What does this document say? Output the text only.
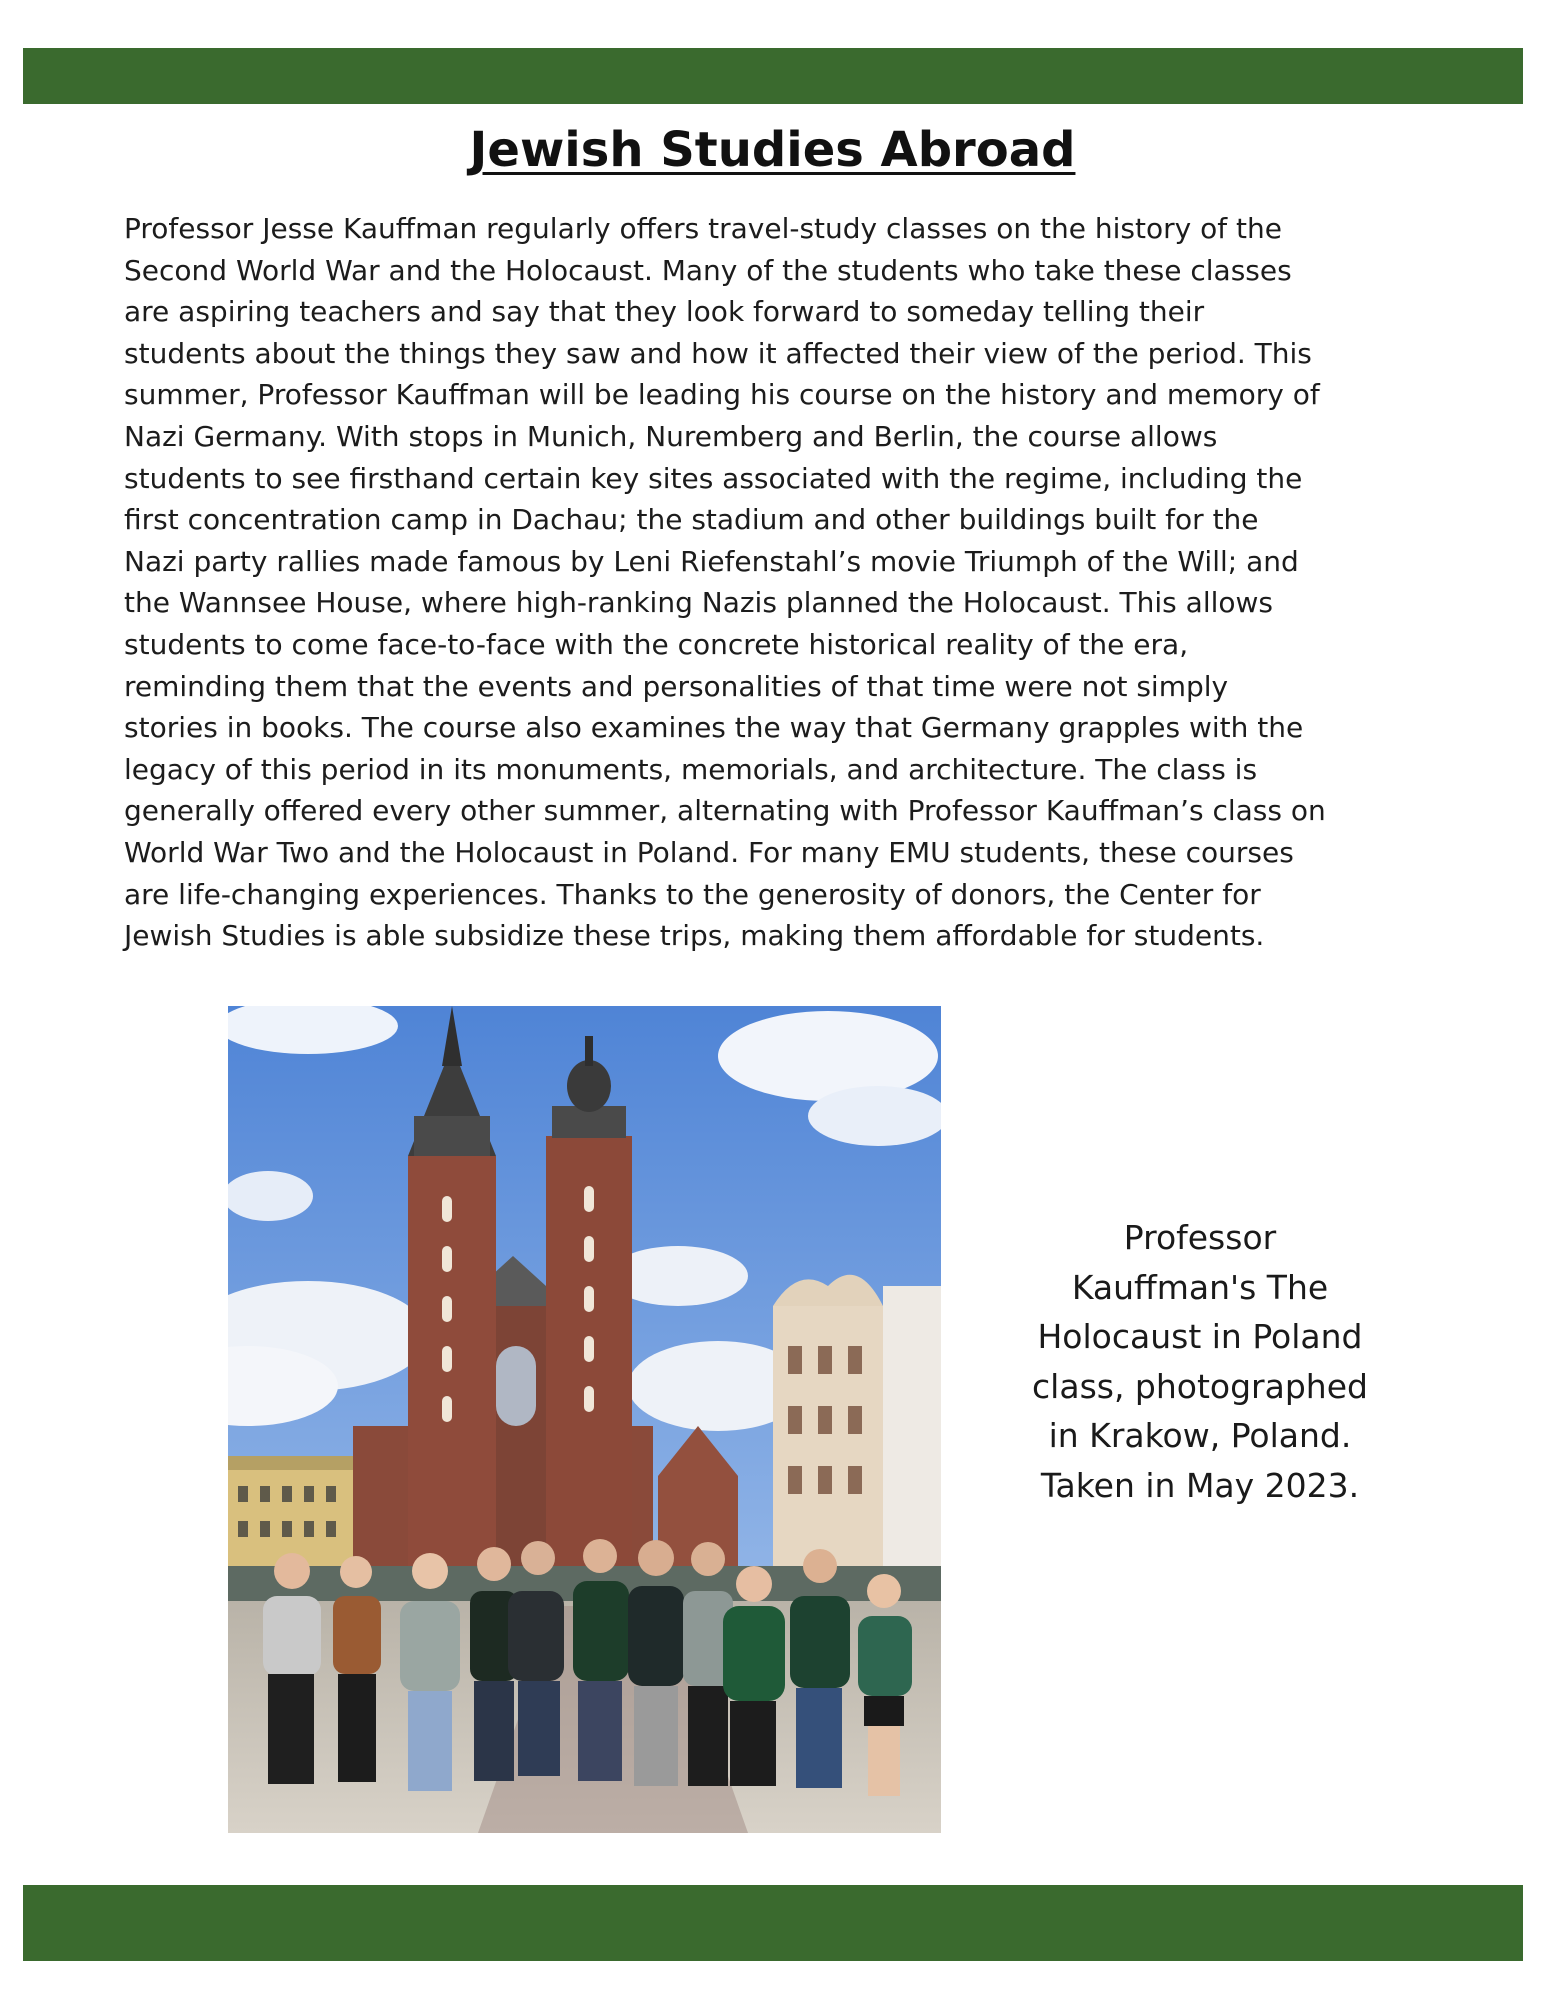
Jewish Studies Abroad

Professor Jesse Kauffman regularly offers travel-study classes on the history of the
Second World War and the Holocaust. Many of the students who take these classes
are aspiring teachers and say that they look forward to someday telling their
students about the things they saw and how it affected their view of the period. This
summer, Professor Kauffman will be leading his course on the history and memory of
Nazi Germany. With stops in Munich, Nuremberg and Berlin, the course allows
students to see firsthand certain key sites associated with the regime, including the
first concentration camp in Dachau; the stadium and other buildings built for the
Nazi party rallies made famous by Leni Riefenstahl’s movie Triumph of the Will; and
the Wannsee House, where high-ranking Nazis planned the Holocaust. This allows
students to come face-to-face with the concrete historical reality of the era,
reminding them that the events and personalities of that time were not simply
stories in books. The course also examines the way that Germany grapples with the
legacy of this period in its monuments, memorials, and architecture. The class is
generally offered every other summer, alternating with Professor Kauffman’s class on
World War Two and the Holocaust in Poland. For many EMU students, these courses
are life-changing experiences. Thanks to the generosity of donors, the Center for
Jewish Studies is able subsidize these trips, making them affordable for students.

Professor
Kauffman's The
Holocaust in Poland
class, photographed
in Krakow, Poland.
Taken in May 2023.
